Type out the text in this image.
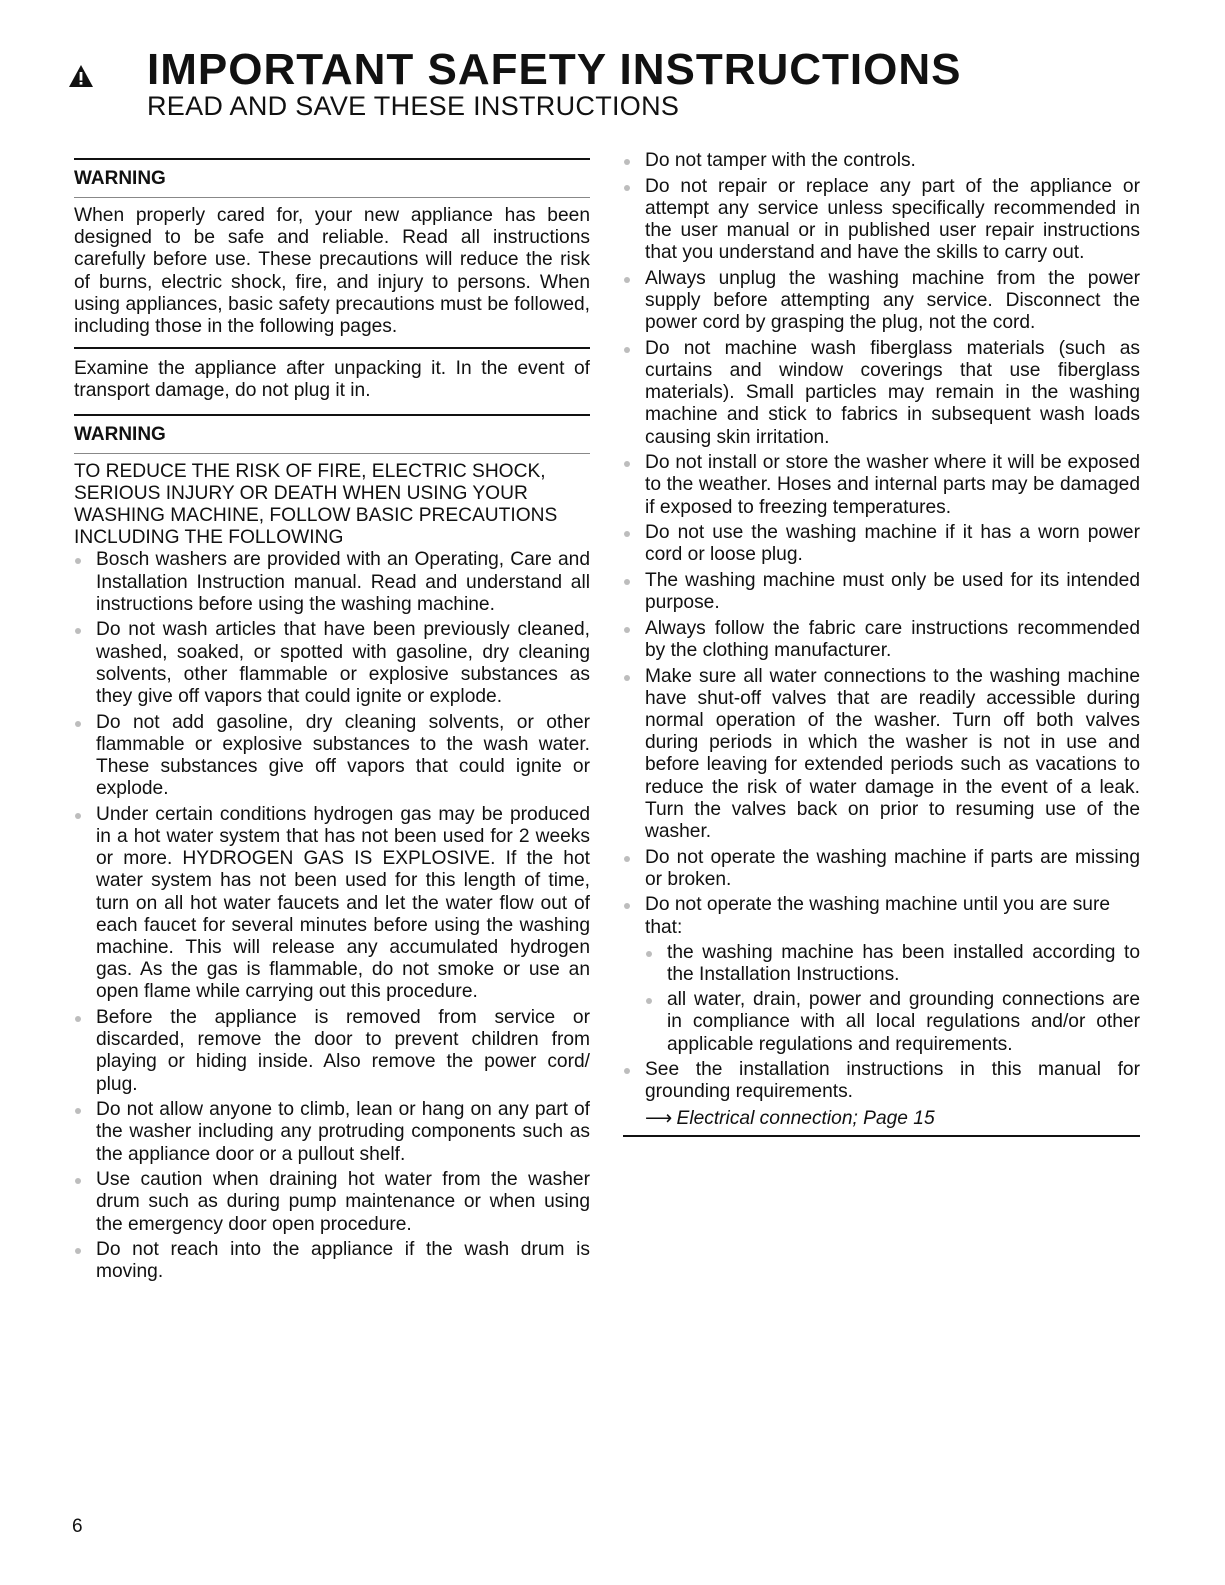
IMPORTANT SAFETY INSTRUCTIONS
READ AND SAVE THESE INSTRUCTIONS
WARNING

When properly cared for, your new appliance has been designed to be safe and reliable. Read all instructions carefully before use. These precautions will reduce the risk of burns, electric shock, fire, and injury to persons. When using appliances, basic safety precautions must be followed, including those in the following pages.

Examine the appliance after unpacking it. In the event of transport damage, do not plug it in.

WARNING

TO REDUCE THE RISK OF FIRE, ELECTRIC SHOCK, SERIOUS INJURY OR DEATH WHEN USING YOUR WASHING MACHINE, FOLLOW BASIC PRECAUTIONS INCLUDING THE FOLLOWING

Bosch washers are provided with an Operating, Care and Installation Instruction manual. Read and understand all instructions before using the washing machine.
Do not wash articles that have been previously cleaned, washed, soaked, or spotted with gasoline, dry cleaning solvents, other flammable or explosive substances as they give off vapors that could ignite or explode.
Do not add gasoline, dry cleaning solvents, or other flammable or explosive substances to the wash water. These substances give off vapors that could ignite or explode.
Under certain conditions hydrogen gas may be produced in a hot water system that has not been used for 2 weeks or more. HYDROGEN GAS IS EXPLOSIVE. If the hot water system has not been used for this length of time, turn on all hot water faucets and let the water flow out of each faucet for several minutes before using the washing machine. This will release any accumulated hydrogen gas. As the gas is flammable, do not smoke or use an open flame while carrying out this procedure.
Before the appliance is removed from service or discarded, remove the door to prevent children from playing or hiding inside. Also remove the power cord/ plug.
Do not allow anyone to climb, lean or hang on any part of the washer including any protruding components such as the appliance door or a pullout shelf.
Use caution when draining hot water from the washer drum such as during pump maintenance or when using the emergency door open procedure.
Do not reach into the appliance if the wash drum is moving.
Do not tamper with the controls.
Do not repair or replace any part of the appliance or attempt any service unless specifically recommended in the user manual or in published user repair instructions that you understand and have the skills to carry out.
Always unplug the washing machine from the power supply before attempting any service. Disconnect the power cord by grasping the plug, not the cord.
Do not machine wash fiberglass materials (such as curtains and window coverings that use fiberglass materials). Small particles may remain in the washing machine and stick to fabrics in subsequent wash loads causing skin irritation.
Do not install or store the washer where it will be exposed to the weather. Hoses and internal parts may be damaged if exposed to freezing temperatures.
Do not use the washing machine if it has a worn power cord or loose plug.
The washing machine must only be used for its intended purpose.
Always follow the fabric care instructions recommended by the clothing manufacturer.
Make sure all water connections to the washing machine have shut-off valves that are readily accessible during normal operation of the washer. Turn off both valves during periods in which the washer is not in use and before leaving for extended periods such as vacations to reduce the risk of water damage in the event of a leak. Turn the valves back on prior to resuming use of the washer.
Do not operate the washing machine if parts are missing or broken.
Do not operate the washing machine until you are sure that:
the washing machine has been installed according to the Installation Instructions.
all water, drain, power and grounding connections are in compliance with all local regulations and/or other applicable regulations and requirements.
See the installation instructions in this manual for grounding requirements.
⟶ Electrical connection; Page 15
6
